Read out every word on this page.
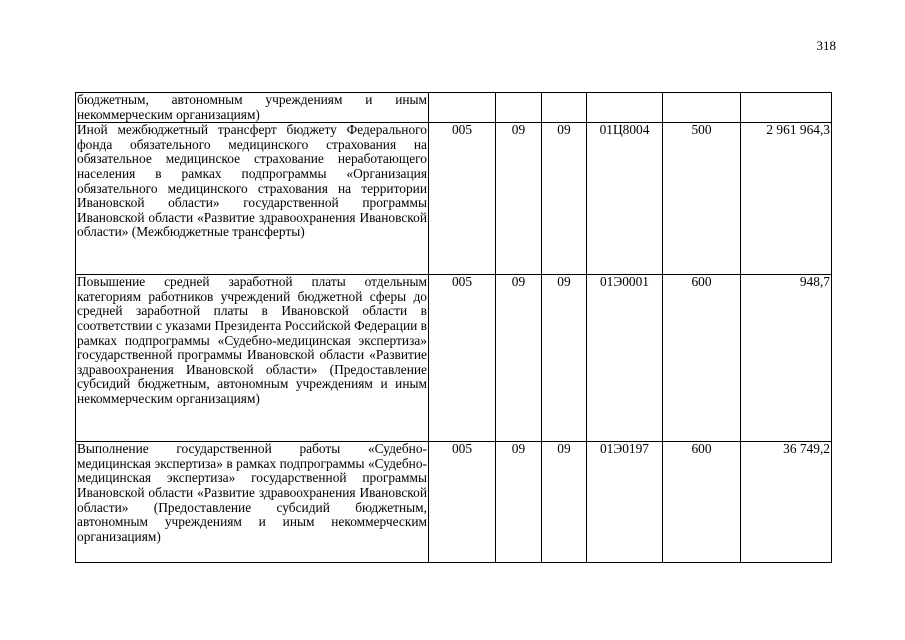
318
бюджетным, автономным учреждениям и иным некоммерческим организациям)						
Иной межбюджетный трансферт бюджету Федерального фонда обязательного медицинского страхования на обязательное медицинское страхование неработающего населения в рамках подпрограммы «Организация обязательного медицинского страхования на территории Ивановской области» государственной программы Ивановской области «Развитие здравоохранения Ивановской области» (Межбюджетные трансферты)	005	09	09	01Ц8004	500	2 961 964,3
Повышение средней заработной платы отдельным категориям работников учреждений бюджетной сферы до средней заработной платы в Ивановской области в соответствии с указами Президента Российской Федерации в рамках подпрограммы «Судебно-медицинская экспертиза» государственной программы Ивановской области «Развитие здравоохранения Ивановской области» (Предоставление субсидий бюджетным, автономным учреждениям и иным некоммерческим организациям)	005	09	09	01Э0001	600	948,7
Выполнение государственной работы «Судебно-медицинская экспертиза» в рамках подпрограммы «Судебно-медицинская экспертиза» государственной программы Ивановской области «Развитие здравоохранения Ивановской области» (Предоставление субсидий бюджетным, автономным учреждениям и иным некоммерческим организациям)	005	09	09	01Э0197	600	36 749,2
